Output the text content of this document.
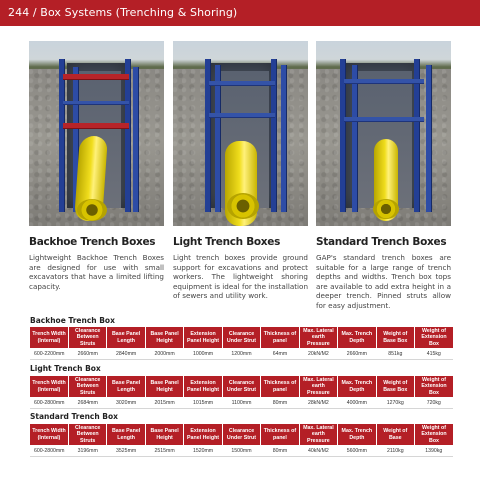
244 / Box Systems (Trenching & Shoring)
Backhoe Trench Boxes Light Trench Boxes	Standard Trench Boxes
Lightweight Backhoe Trench Boxes are designed for use with small excavators that have a limited lifting capacity.
Light trench boxes provide ground support for excavations and protect workers. The lightweight shoring equipment is ideal for the installation of sewers and utility work.
GAP's standard trench boxes are suitable for a large range of trench depths and widths. Trench box tops are available to add extra height in a deeper trench. Pinned struts allow for easy adjustment.
Backhoe Trench Box
Trench Width (Internal)	Clearance Between Struts	Base Panel Length	Base Panel Height	Extension Panel Height	Clearance Under Strut	Thickness of panel	Max. Lateral earth Pressure	Max. Trench Depth	Weight of Base Box	Weight of Extension Box
600-2200mm	2660mm	2840mm	2000mm	1000mm	1200mm	64mm	20kN/M2	2660mm	851kg	415kg
Light Trench Box
Trench Width (Internal)	Clearance Between Struts	Base Panel Length	Base Panel Height	Extension Panel Height	Clearance Under Strut	Thickness of panel	Max. Lateral earth Pressure	Max. Trench Depth	Weight of Base Box	Weight of Extension Box
600-2800mm	2684mm	3020mm	2015mm	1015mm	1100mm	80mm	28kN/M2	4000mm	1270kg	720kg
Standard Trench Box
Trench Width (Internal)	Clearance Between Struts	Base Panel Length	Base Panel Height	Extension Panel Height	Clearance Under Strut	Thickness of panel	Max. Lateral earth Pressure	Max. Trench Depth	Weight of Base	Weight of Extension Box
600-2800mm	3196mm	3525mm	2515mm	1520mm	1500mm	80mm	40kN/M2	5600mm	2110kg	1390kg
